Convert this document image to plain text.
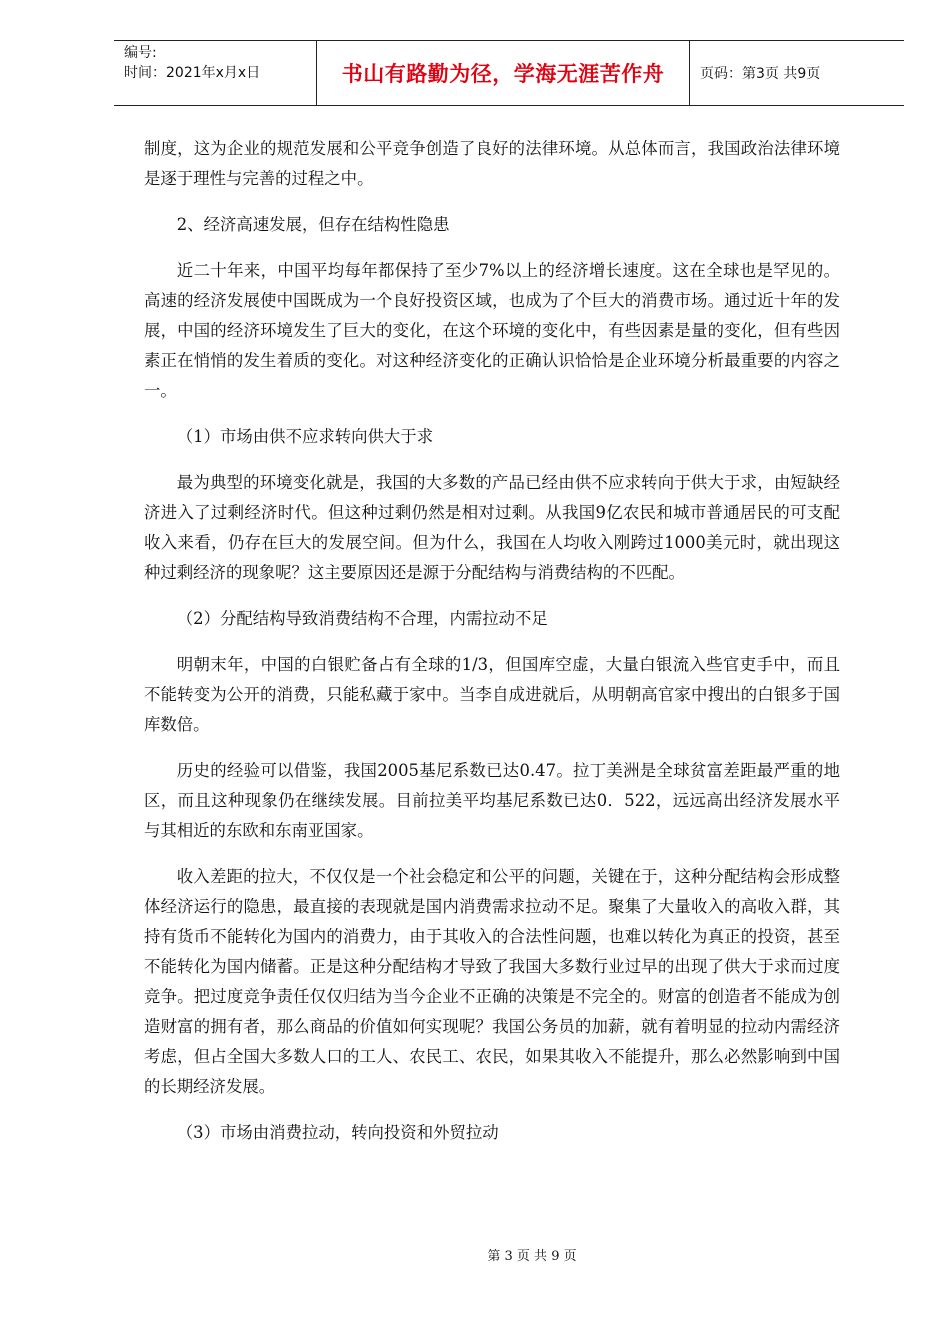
编号:
时间：2021年x月x日	书山有路勤为径，学海无涯苦作舟	页码：第3页 共9页

制度，这为企业的规范发展和公平竞争创造了良好的法律环境。从总体而言，我国政治法律环境是逐于理性与完善的过程之中。

2、经济高速发展，但存在结构性隐患

近二十年来，中国平均每年都保持了至少7%以上的经济增长速度。这在全球也是罕见的。高速的经济发展使中国既成为一个良好投资区域，也成为了个巨大的消费市场。通过近十年的发展，中国的经济环境发生了巨大的变化，在这个环境的变化中，有些因素是量的变化，但有些因素正在悄悄的发生着质的变化。对这种经济变化的正确认识恰恰是企业环境分析最重要的内容之一。

（1）市场由供不应求转向供大于求

最为典型的环境变化就是，我国的大多数的产品已经由供不应求转向于供大于求，由短缺经济进入了过剩经济时代。但这种过剩仍然是相对过剩。从我国9亿农民和城市普通居民的可支配收入来看，仍存在巨大的发展空间。但为什么，我国在人均收入刚跨过1000美元时，就出现这种过剩经济的现象呢？这主要原因还是源于分配结构与消费结构的不匹配。

（2）分配结构导致消费结构不合理，内需拉动不足

明朝末年，中国的白银贮备占有全球的1/3，但国库空虚，大量白银流入些官吏手中，而且不能转变为公开的消费，只能私藏于家中。当李自成进就后，从明朝高官家中搜出的白银多于国库数倍。

历史的经验可以借鉴，我国2005基尼系数已达0.47。拉丁美洲是全球贫富差距最严重的地区，而且这种现象仍在继续发展。目前拉美平均基尼系数已达0．522，远远高出经济发展水平与其相近的东欧和东南亚国家。

收入差距的拉大，不仅仅是一个社会稳定和公平的问题，关键在于，这种分配结构会形成整体经济运行的隐患，最直接的表现就是国内消费需求拉动不足。聚集了大量收入的高收入群，其持有货币不能转化为国内的消费力，由于其收入的合法性问题，也难以转化为真正的投资，甚至不能转化为国内储蓄。正是这种分配结构才导致了我国大多数行业过早的出现了供大于求而过度竞争。把过度竞争责任仅仅归结为当今企业不正确的决策是不完全的。财富的创造者不能成为创造财富的拥有者，那么商品的价值如何实现呢？我国公务员的加薪，就有着明显的拉动内需经济考虑，但占全国大多数人口的工人、农民工、农民，如果其收入不能提升，那么必然影响到中国的长期经济发展。

（3）市场由消费拉动，转向投资和外贸拉动

第 3 页 共 9 页
